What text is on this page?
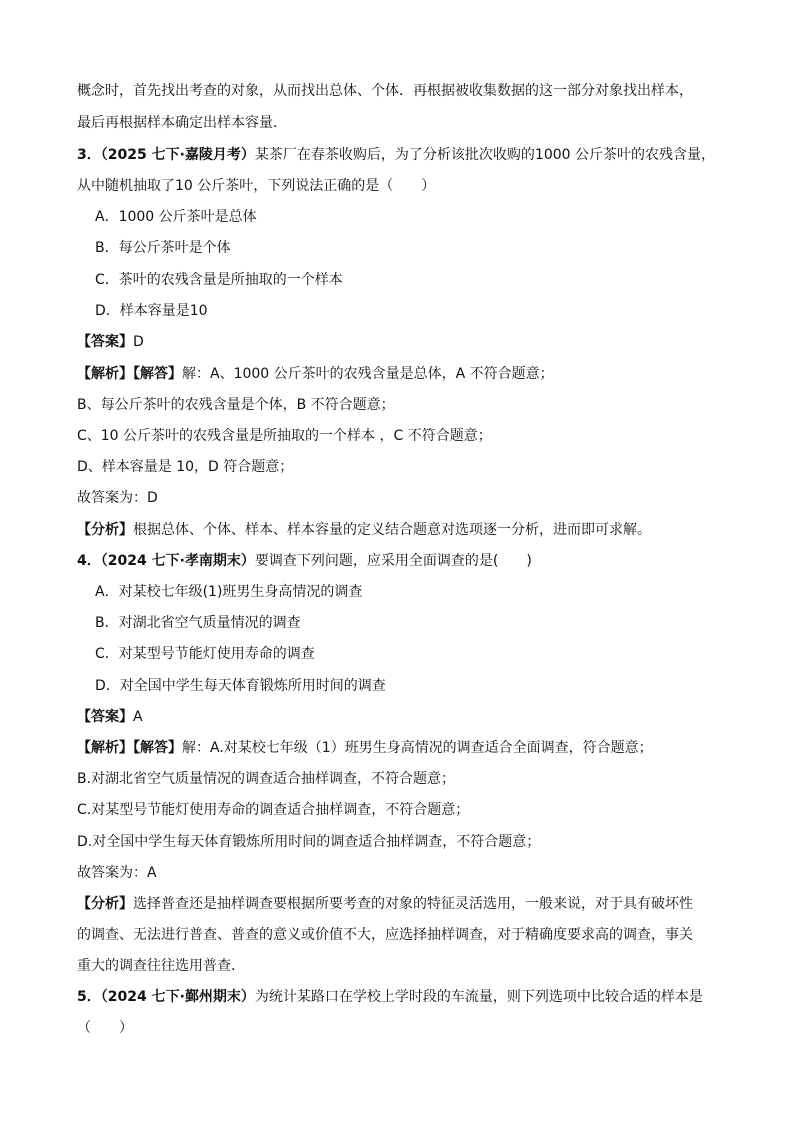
概念时，首先找出考查的对象，从而找出总体、个体．再根据被收集数据的这一部分对象找出样本，
最后再根据样本确定出样本容量．
3．（2025 七下·嘉陵月考）某茶厂在春茶收购后，为了分析该批次收购的1000 公斤茶叶的农残含量，
从中随机抽取了10 公斤茶叶，下列说法正确的是（　　）
A．1000 公斤茶叶是总体
B．每公斤茶叶是个体
C．茶叶的农残含量是所抽取的一个样本
D．样本容量是10
【答案】D
【解析】【解答】解：A、1000 公斤茶叶的农残含量是总体，A 不符合题意；
B、每公斤茶叶的农残含量是个体，B 不符合题意；
C、10 公斤茶叶的农残含量是所抽取的一个样本 ，C 不符合题意；
D、样本容量是 10，D 符合题意；
故答案为：D
【分析】根据总体、个体、样本、样本容量的定义结合题意对选项逐一分析，进而即可求解。
4．（2024 七下·孝南期末）要调查下列问题，应采用全面调查的是(　　)
A．对某校七年级(1)班男生身高情况的调查
B．对湖北省空气质量情况的调查
C．对某型号节能灯使用寿命的调查
D．对全国中学生每天体育锻炼所用时间的调查
【答案】A
【解析】【解答】解：A.对某校七年级（1）班男生身高情况的调查适合全面调查，符合题意；
B.对湖北省空气质量情况的调查适合抽样调查，不符合题意；
C.对某型号节能灯使用寿命的调查适合抽样调查，不符合题意；
D.对全国中学生每天体育锻炼所用时间的调查适合抽样调查，不符合题意；
故答案为：A
【分析】选择普查还是抽样调查要根据所要考查的对象的特征灵活选用，一般来说，对于具有破坏性
的调查、无法进行普查、普查的意义或价值不大，应选择抽样调查，对于精确度要求高的调查，事关
重大的调查往往选用普查．
5．（2024 七下·鄞州期末）为统计某路口在学校上学时段的车流量，则下列选项中比较合适的样本是
（　　）
